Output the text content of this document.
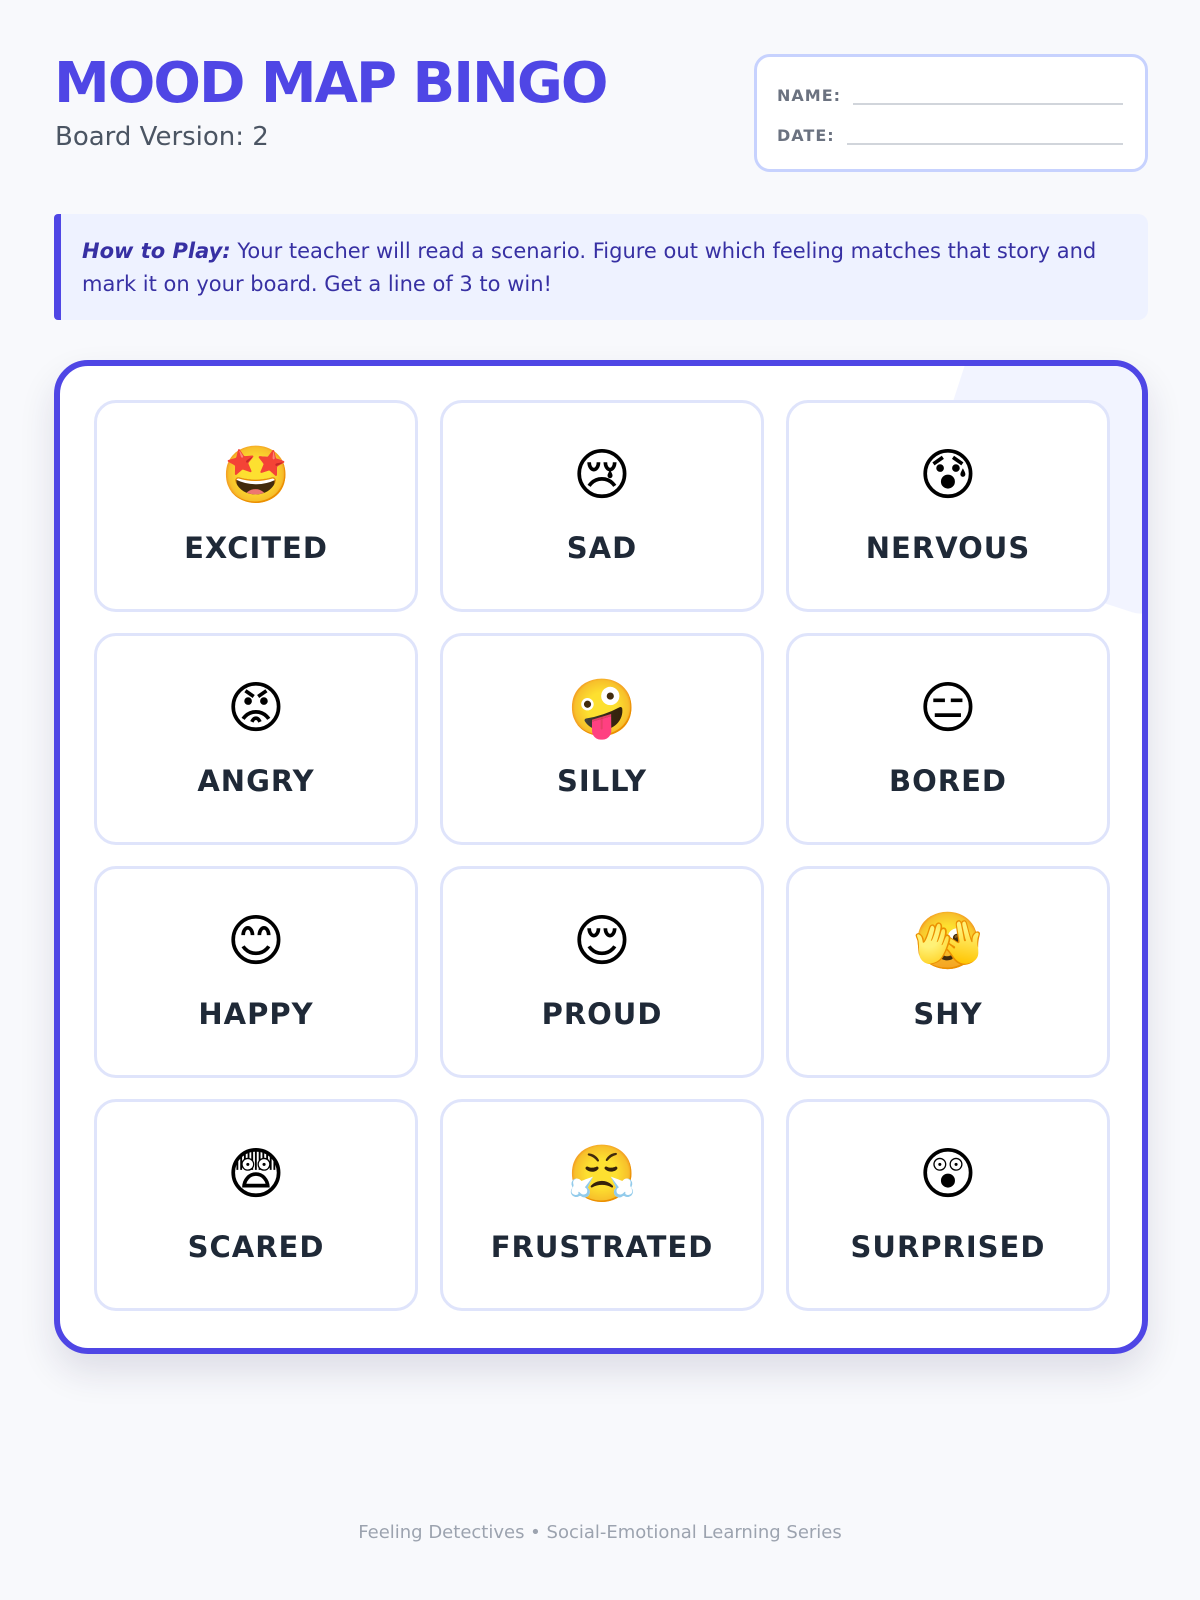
MOOD MAP BINGO
Board Version: 2
NAME:
DATE:
How to Play: Your teacher will read a scenario. Figure out which feeling matches that story and mark it on your board. Get a line of 3 to win!
🤩
EXCITED
😢
SAD
😰
NERVOUS
😡
ANGRY
🤪
SILLY
😑
BORED
😊
HAPPY
😌
PROUD
🫣
SHY
😨
SCARED
😤
FRUSTRATED
😲
SURPRISED
Feeling Detectives • Social-Emotional Learning Series
